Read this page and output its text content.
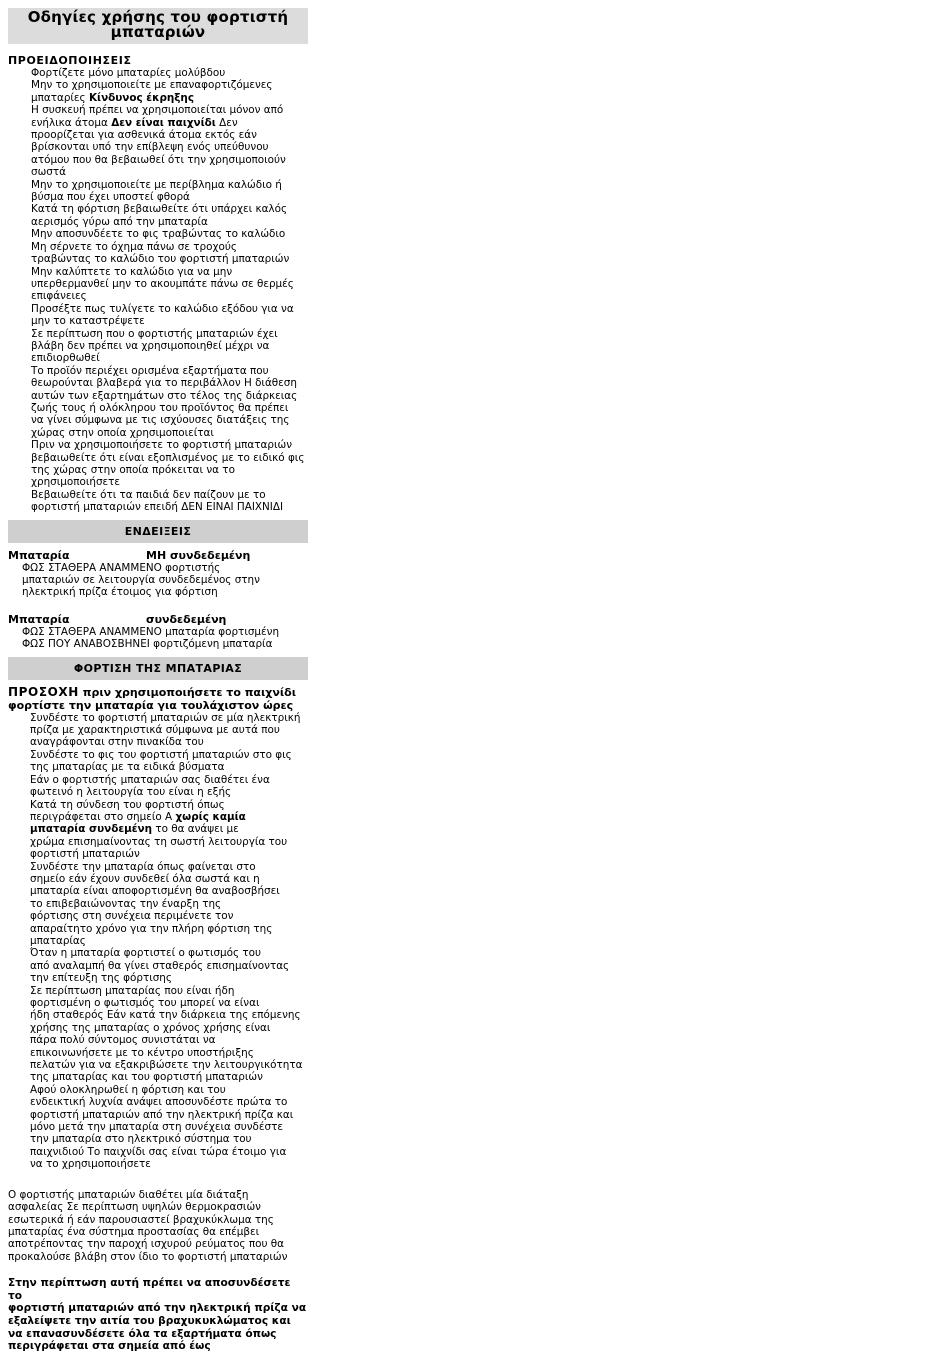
Οδηγίες χρήσης του φορτιστή
μπαταριών
ΠΡΟΕΙΔΟΠΟΙΗΣΕΙΣ
Φορτίζετε μόνο μπαταρίες μολύβδου
Μην το χρησιμοποιείτε με επαναφορτιζόμενες
μπαταρίες Κίνδυνος έκρηξης
Η συσκευή πρέπει να χρησιμοποιείται μόνον από
ενήλικα άτομα Δεν είναι παιχνίδι Δεν
προορίζεται για ασθενικά άτομα εκτός εάν
βρίσκονται υπό την επίβλεψη ενός υπεύθυνου
ατόμου που θα βεβαιωθεί ότι την χρησιμοποιούν
σωστά
Μην το χρησιμοποιείτε με περίβλημα καλώδιο ή
βύσμα που έχει υποστεί φθορά
Κατά τη φόρτιση βεβαιωθείτε ότι υπάρχει καλός
αερισμός γύρω από την μπαταρία
Μην αποσυνδέετε το φις τραβώντας το καλώδιο
Μη σέρνετε το όχημα πάνω σε τροχούς
τραβώντας το καλώδιο του φορτιστή μπαταριών
Μην καλύπτετε το καλώδιο για να μην
υπερθερμανθεί μην το ακουμπάτε πάνω σε θερμές
επιφάνειες
Προσέξτε πως τυλίγετε το καλώδιο εξόδου για να
μην το καταστρέψετε
Σε περίπτωση που ο φορτιστής μπαταριών έχει
βλάβη δεν πρέπει να χρησιμοποιηθεί μέχρι να
επιδιορθωθεί
Το προϊόν περιέχει ορισμένα εξαρτήματα που
θεωρούνται βλαβερά για το περιβάλλον Η διάθεση
αυτών των εξαρτημάτων στο τέλος της διάρκειας
ζωής τους ή ολόκληρου του προϊόντος θα πρέπει
να γίνει σύμφωνα με τις ισχύουσες διατάξεις της
χώρας στην οποία χρησιμοποιείται
Πριν να χρησιμοποιήσετε το φορτιστή μπαταριών
βεβαιωθείτε ότι είναι εξοπλισμένος με το ειδικό φις
της χώρας στην οποία πρόκειται να το
χρησιμοποιήσετε
Βεβαιωθείτε ότι τα παιδιά δεν παίζουν με το
φορτιστή μπαταριών επειδή ΔΕΝ ΕΙΝΑΙ ΠΑΙΧΝΙΔΙ
ΕΝΔΕΙΞΕΙΣ
Μπαταρία	ΜΗ συνδεδεμένη
ΦΩΣ ΣΤΑΘΕΡΑ ΑΝΑΜΜΕΝΟ φορτιστής
μπαταριών σε λειτουργία συνδεδεμένος στην
ηλεκτρική πρίζα έτοιμος για φόρτιση
Μπαταρία	συνδεδεμένη
ΦΩΣ ΣΤΑΘΕΡΑ ΑΝΑΜΜΕΝΟ μπαταρία φορτισμένη
ΦΩΣ ΠΟΥ ΑΝΑΒΟΣΒΗΝΕΙ φορτιζόμενη μπαταρία
ΦΟΡΤΙΣΗ ΤΗΣ ΜΠΑΤΑΡΙΑΣ
ΠΡΟΣΟΧΗ πριν χρησιμοποιήσετε το παιχνίδι
φορτίστε την μπαταρία για τουλάχιστον ώρες
Συνδέστε το φορτιστή μπαταριών σε μία ηλεκτρική
πρίζα με χαρακτηριστικά σύμφωνα με αυτά που
αναγράφονται στην πινακίδα του
Συνδέστε το φις του φορτιστή μπαταριών στο φις
της μπαταρίας με τα ειδικά βύσματα
Εάν ο φορτιστής μπαταριών σας διαθέτει ένα
φωτεινό η λειτουργία του είναι η εξής
Κατά τη σύνδεση του φορτιστή όπως
περιγράφεται στο σημείο Α χωρίς καμία
μπαταρία συνδεμένη το θα ανάψει με
χρώμα επισημαίνοντας τη σωστή λειτουργία του
φορτιστή μπαταριών
Συνδέστε την μπαταρία όπως φαίνεται στο
σημείο εάν έχουν συνδεθεί όλα σωστά και η
μπαταρία είναι αποφορτισμένη θα αναβοσβήσει
το επιβεβαιώνοντας την έναρξη της
φόρτισης στη συνέχεια περιμένετε τον
απαραίτητο χρόνο για την πλήρη φόρτιση της
μπαταρίας
Όταν η μπαταρία φορτιστεί ο φωτισμός του
από αναλαμπή θα γίνει σταθερός επισημαίνοντας
την επίτευξη της φόρτισης
Σε περίπτωση μπαταρίας που είναι ήδη
φορτισμένη ο φωτισμός του μπορεί να είναι
ήδη σταθερός Εάν κατά την διάρκεια της επόμενης
χρήσης της μπαταρίας ο χρόνος χρήσης είναι
πάρα πολύ σύντομος συνιστάται να
επικοινωνήσετε με το κέντρο υποστήριξης
πελατών για να εξακριβώσετε την λειτουργικότητα
της μπαταρίας και του φορτιστή μπαταριών
Αφού ολοκληρωθεί η φόρτιση και του
ενδεικτική λυχνία ανάψει αποσυνδέστε πρώτα το
φορτιστή μπαταριών από την ηλεκτρική πρίζα και
μόνο μετά την μπαταρία στη συνέχεια συνδέστε
την μπαταρία στο ηλεκτρικό σύστημα του
παιχνιδιού Το παιχνίδι σας είναι τώρα έτοιμο για
να το χρησιμοποιήσετε
Ο φορτιστής μπαταριών διαθέτει μία διάταξη
ασφαλείας Σε περίπτωση υψηλών θερμοκρασιών
εσωτερικά ή εάν παρουσιαστεί βραχυκύκλωμα της
μπαταρίας ένα σύστημα προστασίας θα επέμβει
αποτρέποντας την παροχή ισχυρού ρεύματος που θα
προκαλούσε βλάβη στον ίδιο το φορτιστή μπαταριών
Στην περίπτωση αυτή πρέπει να αποσυνδέσετε το
φορτιστή μπαταριών από την ηλεκτρική πρίζα να
εξαλείψετε την αιτία του βραχυκυκλώματος και
να επανασυνδέσετε όλα τα εξαρτήματα όπως
περιγράφεται στα σημεία από έως
